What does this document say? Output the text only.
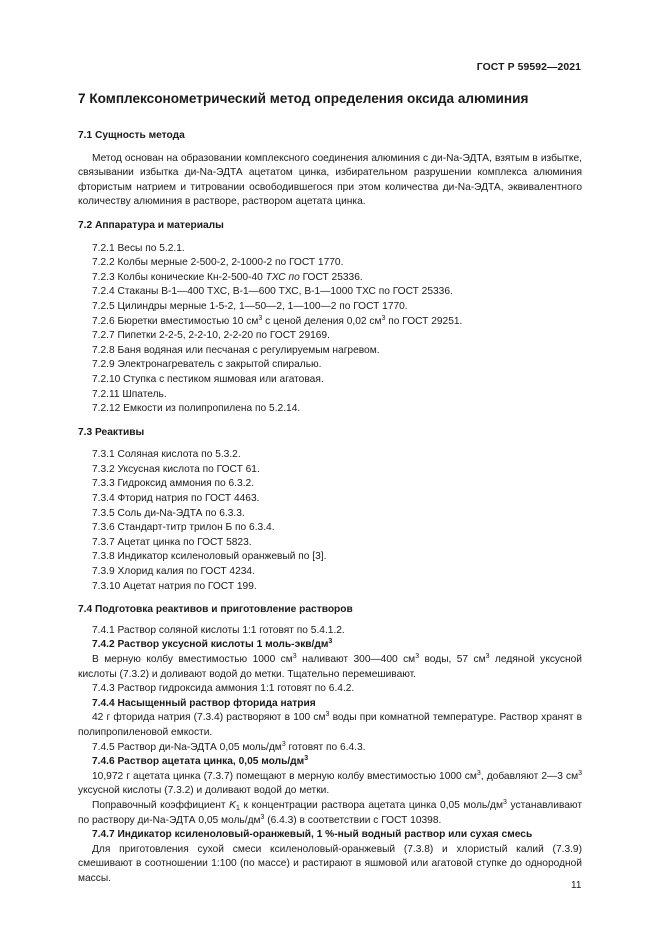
ГОСТ Р 59592—2021
7 Комплексонометрический метод определения оксида алюминия
7.1 Сущность метода
Метод основан на образовании комплексного соединения алюминия с ди-Na-ЭДТА, взятым в избытке, связывании избытка ди-Na-ЭДТА ацетатом цинка, избирательном разрушении комплекса алюминия фтористым натрием и титровании освободившегося при этом количества ди-Na-ЭДТА, эквивалентного количеству алюминия в растворе, раствором ацетата цинка.
7.2 Аппаратура и материалы
7.2.1 Весы по 5.2.1.
7.2.2 Колбы мерные 2-500-2, 2-1000-2 по ГОСТ 1770.
7.2.3 Колбы конические Кн-2-500-40 ТХС по ГОСТ 25336.
7.2.4 Стаканы В-1—400 ТХС, В-1—600 ТХС, В-1—1000 ТХС по ГОСТ 25336.
7.2.5 Цилиндры мерные 1-5-2, 1—50—2, 1—100—2 по ГОСТ 1770.
7.2.6 Бюретки вместимостью 10 $см^3$ с ценой деления 0,02 $см^3$ по ГОСТ 29251.
7.2.7 Пипетки 2-2-5, 2-2-10, 2-2-20 по ГОСТ 29169.
7.2.8 Баня водяная или песчаная с регулируемым нагревом.
7.2.9 Электронагреватель с закрытой спиралью.
7.2.10 Ступка с пестиком яшмовая или агатовая.
7.2.11 Шпатель.
7.2.12 Емкости из полипропилена по 5.2.14.
7.3 Реактивы
7.3.1 Соляная кислота по 5.3.2.
7.3.2 Уксусная кислота по ГОСТ 61.
7.3.3 Гидроксид аммония по 6.3.2.
7.3.4 Фторид натрия по ГОСТ 4463.
7.3.5 Соль ди-Na-ЭДТА по 6.3.3.
7.3.6 Стандарт-титр трилон Б по 6.3.4.
7.3.7 Ацетат цинка по ГОСТ 5823.
7.3.8 Индикатор ксиленоловый оранжевый по [3].
7.3.9 Хлорид калия по ГОСТ 4234.
7.3.10 Ацетат натрия по ГОСТ 199.
7.4 Подготовка реактивов и приготовление растворов
7.4.1 Раствор соляной кислоты 1:1 готовят по 5.4.1.2.
7.4.2 Раствор уксусной кислоты 1 моль-$экв/дм^3$
В мерную колбу вместимостью 1000 $см^3$ наливают 300—400 $см^3$ воды, 57 $см^3$ ледяной уксусной кислоты (7.3.2) и доливают водой до метки. Тщательно перемешивают.
7.4.3 Раствор гидроксида аммония 1:1 готовят по 6.4.2.
7.4.4 Насыщенный раствор фторида натрия
42 г фторида натрия (7.3.4) растворяют в 100 $см^3$ воды при комнатной температуре. Раствор хранят в полипропиленовой емкости.
7.4.5 Раствор ди-Na-ЭДТА 0,05 моль/$дм^3$ готовят по 6.4.3.
7.4.6 Раствор ацетата цинка, 0,05 моль/$дм^3$
10,972 г ацетата цинка (7.3.7) помещают в мерную колбу вместимостью 1000 $см^3$, добавляют 2—3 $см^3$ уксусной кислоты (7.3.2) и доливают водой до метки.
Поправочный коэффициент $K_1$ к концентрации раствора ацетата цинка 0,05 моль/$дм^3$ устанавливают по раствору ди-Na-ЭДТА 0,05 моль/$дм^3$ (6.4.3) в соответствии с ГОСТ 10398.
7.4.7 Индикатор ксиленоловый-оранжевый, 1 %-ный водный раствор или сухая смесь
Для приготовления сухой смеси ксиленоловый-оранжевый (7.3.8) и хлористый калий (7.3.9) смешивают в соотношении 1:100 (по массе) и растирают в яшмовой или агатовой ступке до однородной массы.
11
